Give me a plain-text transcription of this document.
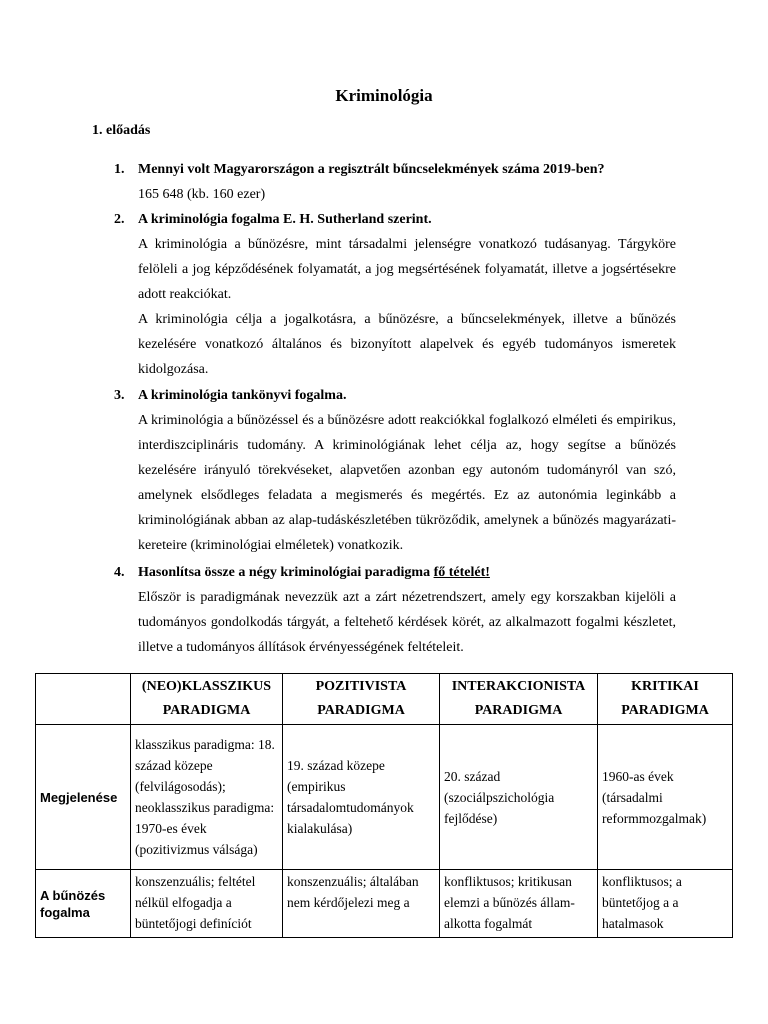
Kriminológia
1. előadás
1. Mennyi volt Magyarországon a regisztrált bűncselekmények száma 2019-ben?
165 648 (kb. 160 ezer)
2. A kriminológia fogalma E. H. Sutherland szerint.
A kriminológia a bűnözésre, mint társadalmi jelenségre vonatkozó tudásanyag. Tárgyköre felöleli a jog képződésének folyamatát, a jog megsértésének folyamatát, illetve a jogsértésekre adott reakciókat.
A kriminológia célja a jogalkotásra, a bűnözésre, a bűncselekmények, illetve a bűnözés kezelésére vonatkozó általános és bizonyított alapelvek és egyéb tudományos ismeretek kidolgozása.
3. A kriminológia tankönyvi fogalma.
A kriminológia a bűnözéssel és a bűnözésre adott reakciókkal foglalkozó elméleti és empirikus, interdiszciplináris tudomány. A kriminológiának lehet célja az, hogy segítse a bűnözés kezelésére irányuló törekvéseket, alapvetően azonban egy autonóm tudományról van szó, amelynek elsődleges feladata a megismerés és megértés. Ez az autonómia leginkább a kriminológiának abban az alap-tudáskészletében tükröződik, amelynek a bűnözés magyarázati-kereteire (kriminológiai elméletek) vonatkozik.
4. Hasonlítsa össze a négy kriminológiai paradigma fő tételét!
Először is paradigmának nevezzük azt a zárt nézetrendszert, amely egy korszakban kijelöli a tudományos gondolkodás tárgyát, a feltehető kérdések körét, az alkalmazott fogalmi készletet, illetve a tudományos állítások érvényességének feltételeit.
	(NEO)KLASSZIKUS PARADIGMA	POZITIVISTA PARADIGMA	INTERAKCIONISTA PARADIGMA	KRITIKAI PARADIGMA
Megjelenése	klasszikus paradigma: 18. század közepe (felvilágosodás); neoklasszikus paradigma: 1970-es évek (pozitivizmus válsága)	19. század közepe (empirikus társadalomtudományok kialakulása)	20. század (szociálpszichológia fejlődése)	1960-as évek (társadalmi reformmozgalmak)
A bűnözés fogalma	konszenzuális; feltétel nélkül elfogadja a büntetőjogi definíciót	konszenzuális; általában nem kérdőjelezi meg a	konfliktusos; kritikusan elemzi a bűnözés állam-alkotta fogalmát	konfliktusos; a büntetőjog a a hatalmasok
